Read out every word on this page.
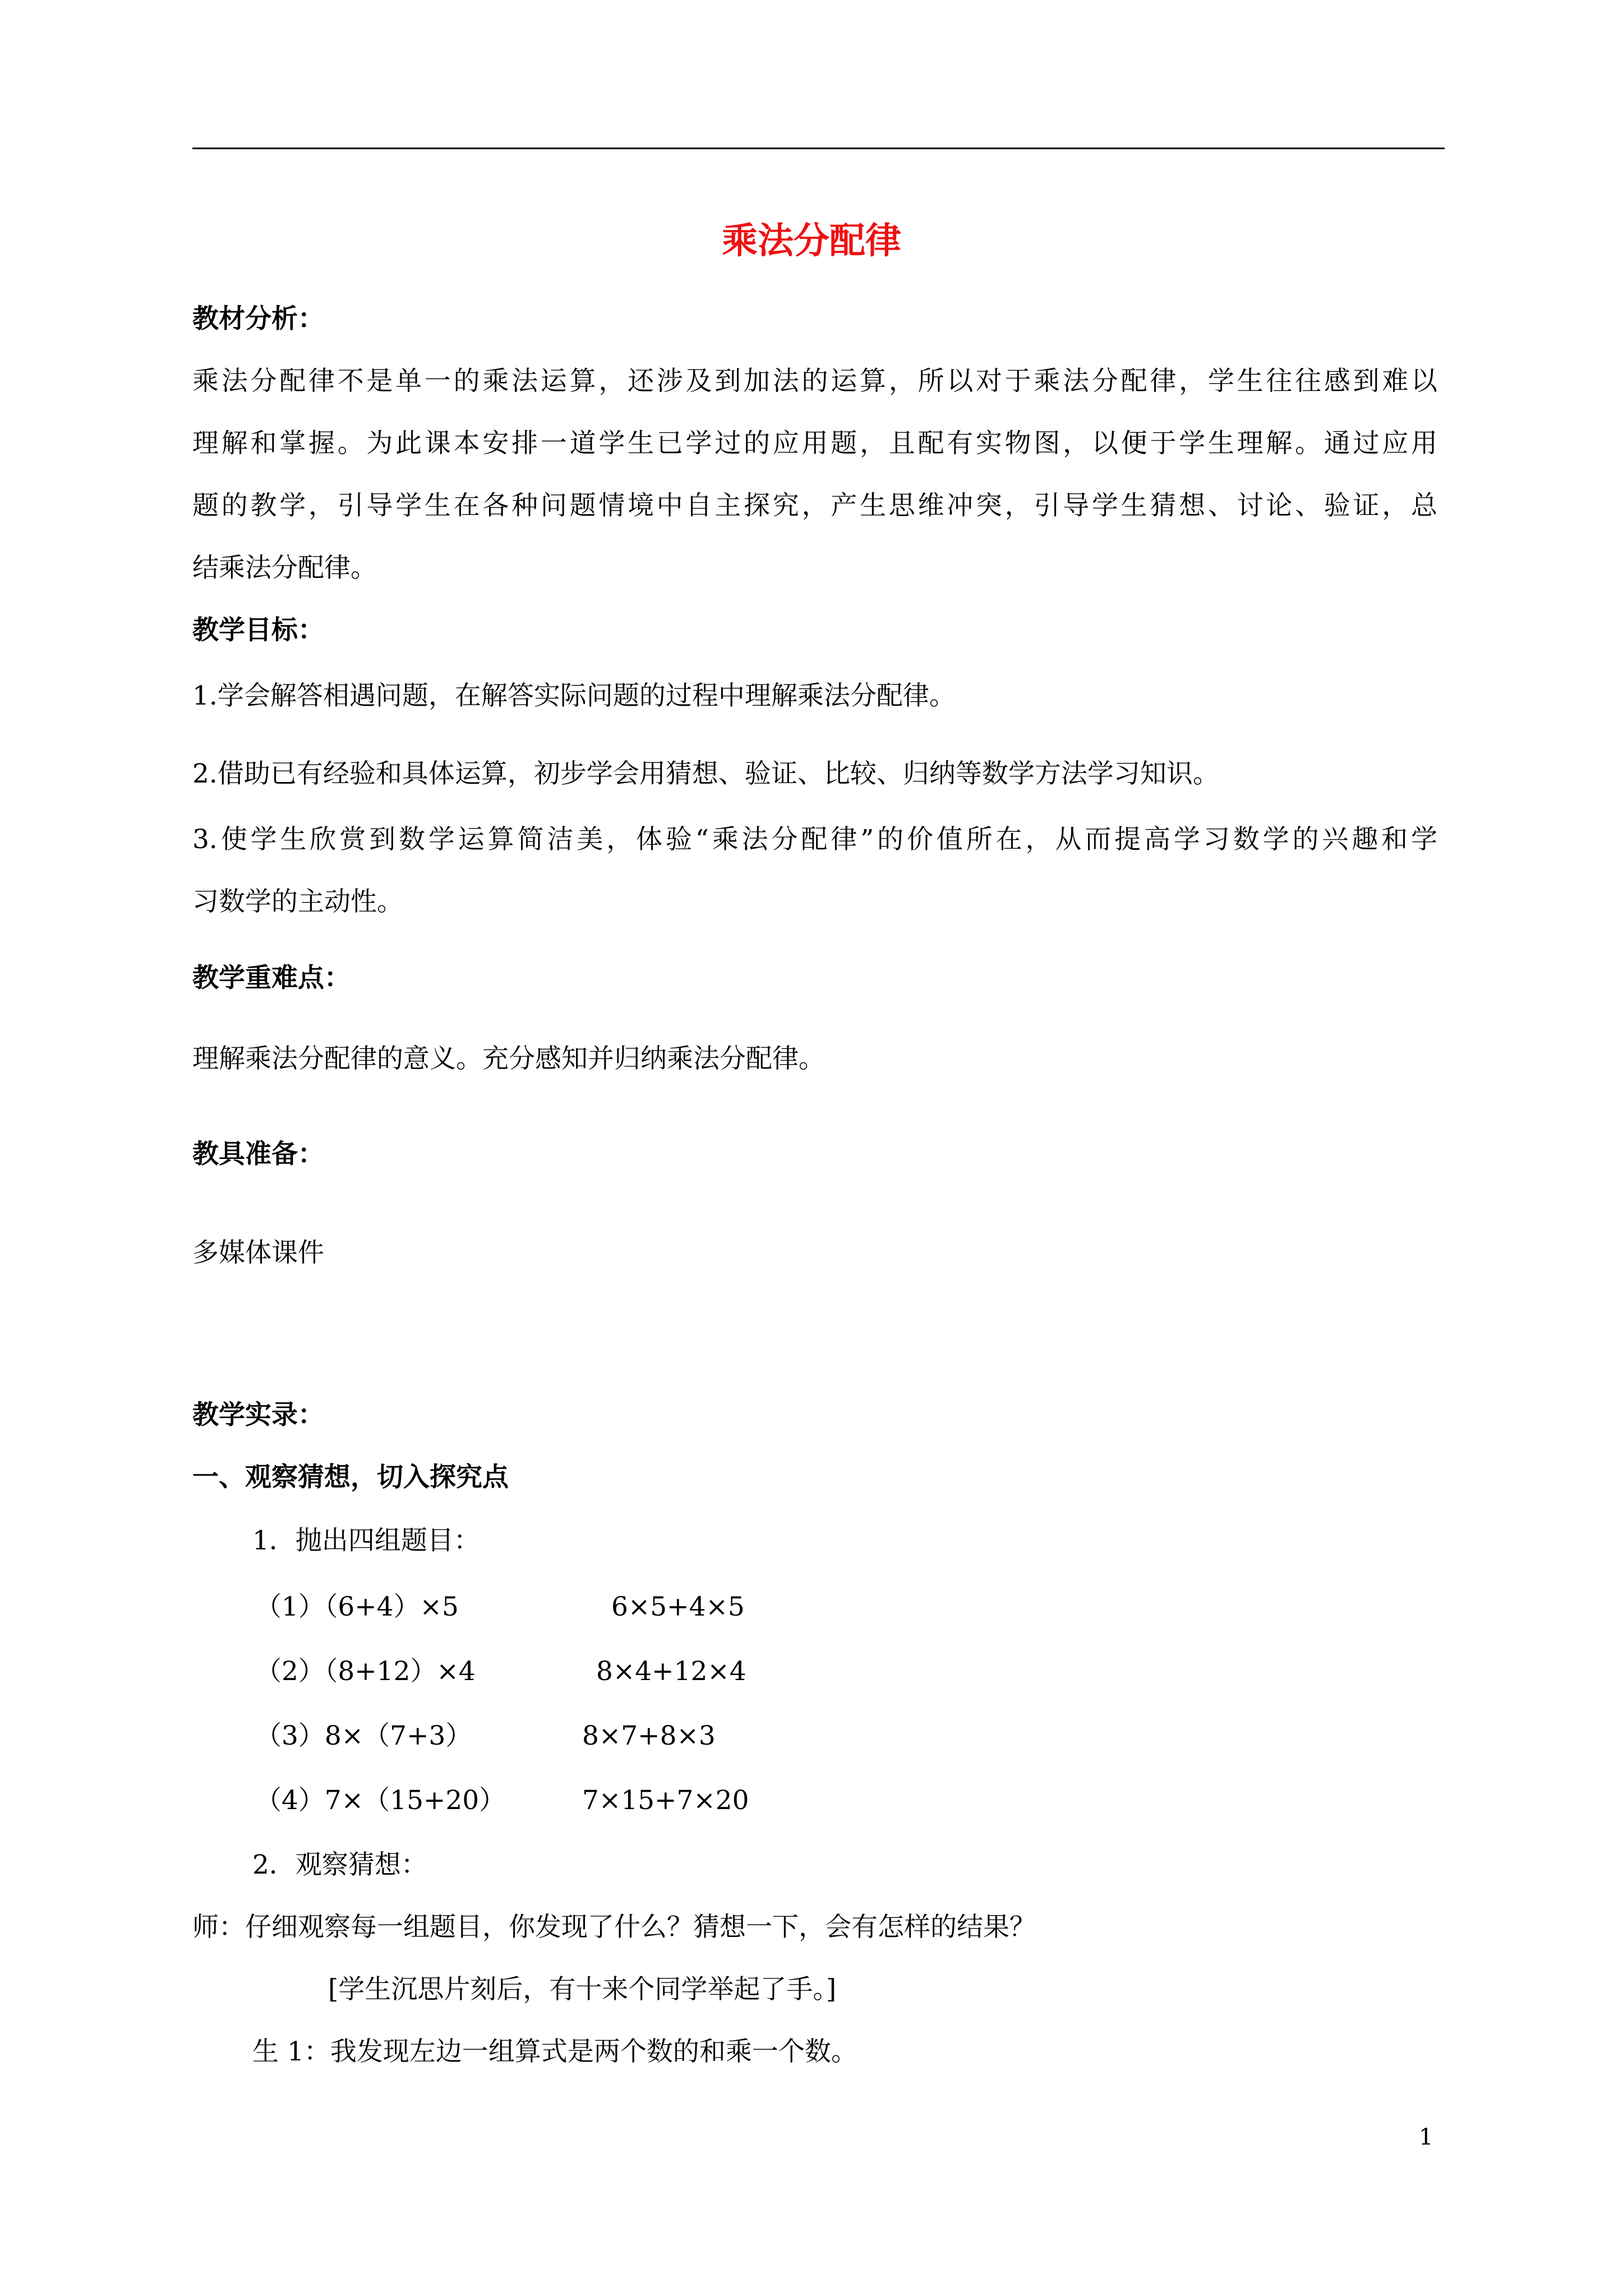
乘法分配律
教材分析：
乘法分配律不是单一的乘法运算，还涉及到加法的运算，所以对于乘法分配律，学生往往感到难以
理解和掌握。为此课本安排一道学生已学过的应用题，且配有实物图，以便于学生理解。通过应用
题的教学，引导学生在各种问题情境中自主探究，产生思维冲突，引导学生猜想、讨论、验证，总
结乘法分配律。
教学目标：
1.学会解答相遇问题，在解答实际问题的过程中理解乘法分配律。
2.借助已有经验和具体运算，初步学会用猜想、验证、比较、归纳等数学方法学习知识。
3.使学生欣赏到数学运算简洁美，体验“乘法分配律”的价值所在，从而提高学习数学的兴趣和学
习数学的主动性。
教学重难点：
理解乘法分配律的意义。充分感知并归纳乘法分配律。
教具准备：
多媒体课件
教学实录：
一、观察猜想，切入探究点
1．抛出四组题目：
（1）（6+4）×5	6×5+4×5
（2）（8+12）×4	8×4+12×4
（3）8×（7+3）	8×7+8×3
（4）7×（15+20）	7×15+7×20
2．观察猜想：
师：仔细观察每一组题目，你发现了什么？猜想一下，会有怎样的结果？
[学生沉思片刻后，有十来个同学举起了手。]
生 1：我发现左边一组算式是两个数的和乘一个数。
1
